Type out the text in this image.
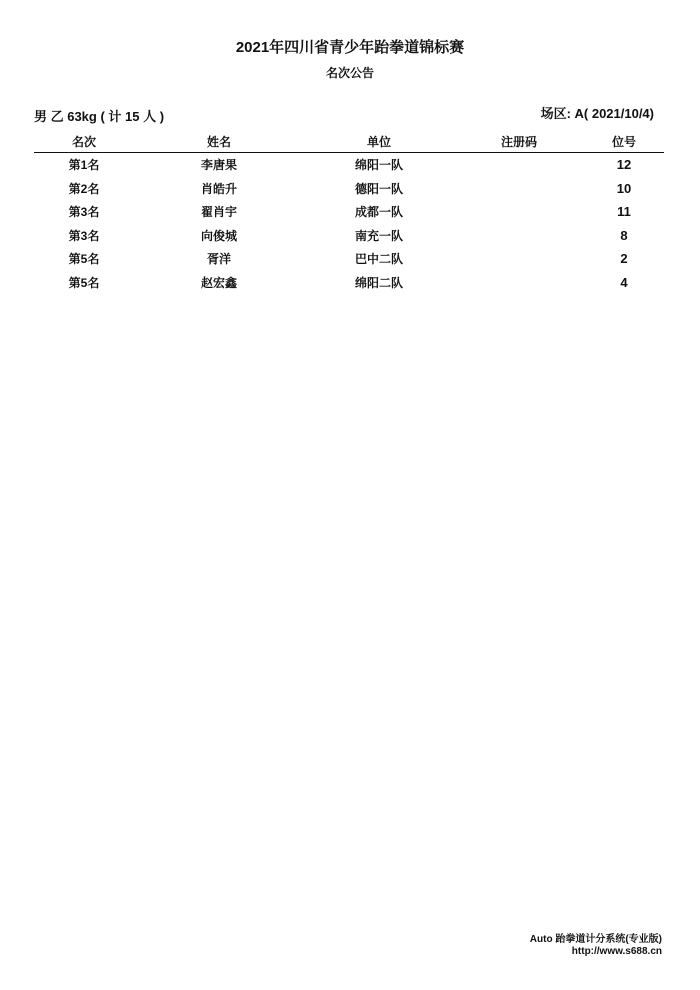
2021年四川省青少年跆拳道锦标赛
名次公告
男 乙 63kg ( 计 15 人 )	场区: A( 2021/10/4)
名次	姓名	单位	注册码	位号
第1名	李唐果	绵阳一队		12
第2名	肖皓升	德阳一队		10
第3名	翟肖宇	成都一队		11
第3名	向俊城	南充一队		8
第5名	胥洋	巴中二队		2
第5名	赵宏鑫	绵阳二队		4
Auto 跆拳道计分系统(专业版)
http://www.s688.cn
